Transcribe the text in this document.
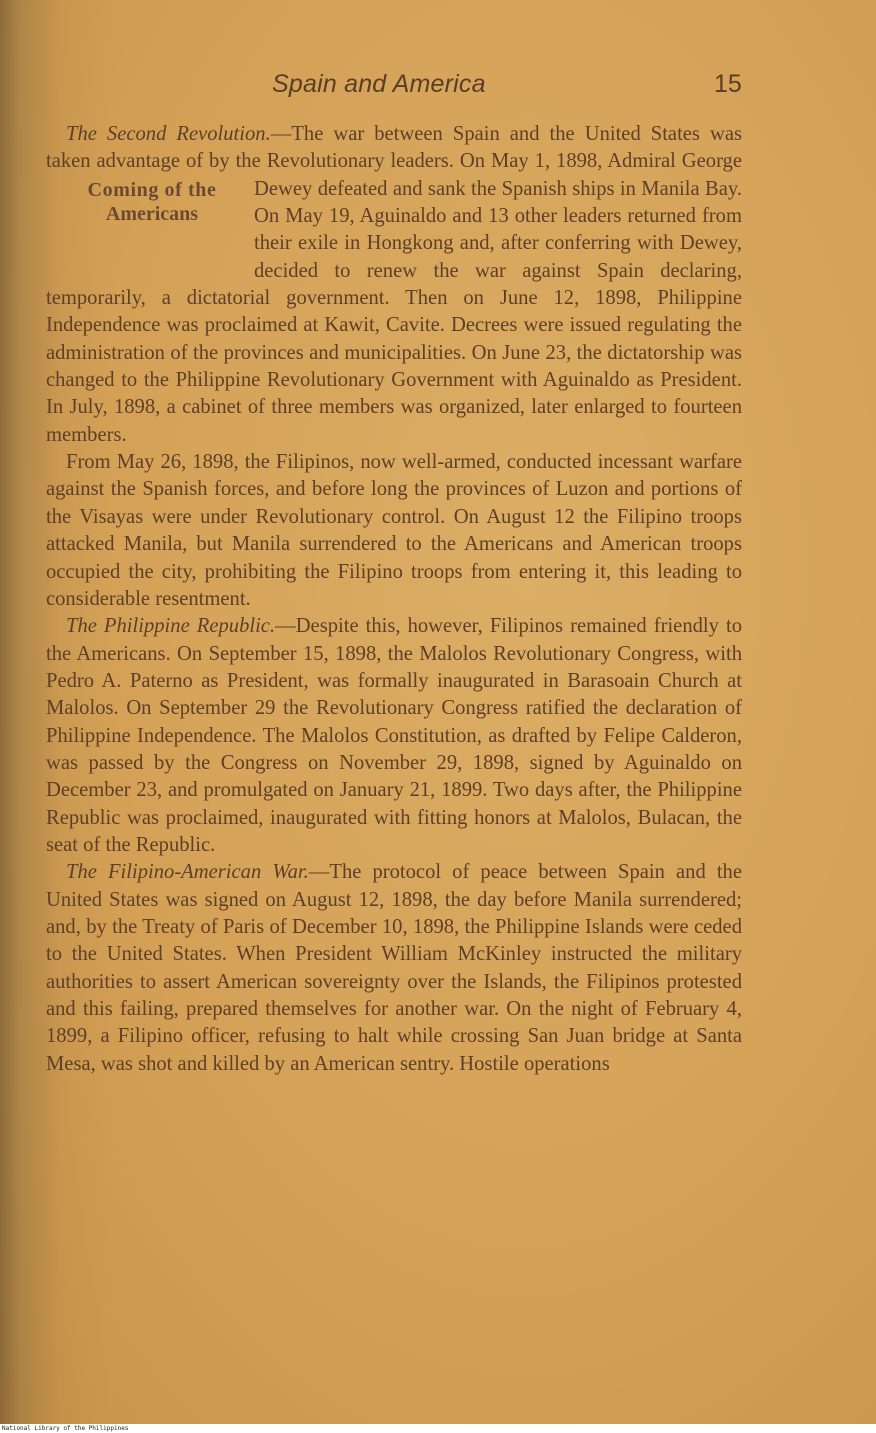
Spain and America	15

The Second Revolution.—The war between Spain and the United States was taken advantage of by the Revolutionary leaders. On May 1, 1898, Admiral George Dewey defeated and sank the Spanish
Coming of the
Americans
ships in Manila Bay. On May 19, Aguinaldo and 13 other leaders returned from their exile in Hongkong and, after conferring with Dewey, decided to renew the war against Spain declaring, temporarily, a dictatorial government. Then on June 12, 1898, Philippine Independence was proclaimed at Kawit, Cavite. Decrees were issued regulating the administration of the provinces and municipalities. On June 23, the dictatorship was changed to the Philippine Revolutionary Government with Aguinaldo as President. In July, 1898, a cabinet of three members was organized, later enlarged to fourteen members.

From May 26, 1898, the Filipinos, now well-armed, conducted incessant warfare against the Spanish forces, and before long the provinces of Luzon and portions of the Visayas were under Revolutionary control. On August 12 the Filipino troops attacked Manila, but Manila surrendered to the Americans and American troops occupied the city, prohibiting the Filipino troops from entering it, this leading to considerable resentment.

The Philippine Republic.—Despite this, however, Filipinos remained friendly to the Americans. On September 15, 1898, the Malolos Revolutionary Congress, with Pedro A. Paterno as President, was formally inaugurated in Barasoain Church at Malolos. On September 29 the Revolutionary Congress ratified the declaration of Philippine Independence. The Malolos Constitution, as drafted by Felipe Calderon, was passed by the Congress on November 29, 1898, signed by Aguinaldo on December 23, and promulgated on January 21, 1899. Two days after, the Philippine Republic was proclaimed, inaugurated with fitting honors at Malolos, Bulacan, the seat of the Republic.

The Filipino-American War.—The protocol of peace between Spain and the United States was signed on August 12, 1898, the day before Manila surrendered; and, by the Treaty of Paris of December 10, 1898, the Philippine Islands were ceded to the United States. When President William McKinley instructed the military authorities to assert American sovereignty over the Islands, the Filipinos protested and this failing, prepared themselves for another war. On the night of February 4, 1899, a Filipino officer, refusing to halt while crossing San Juan bridge at Santa Mesa, was shot and killed by an American sentry. Hostile operations

National Library of the Philippines
